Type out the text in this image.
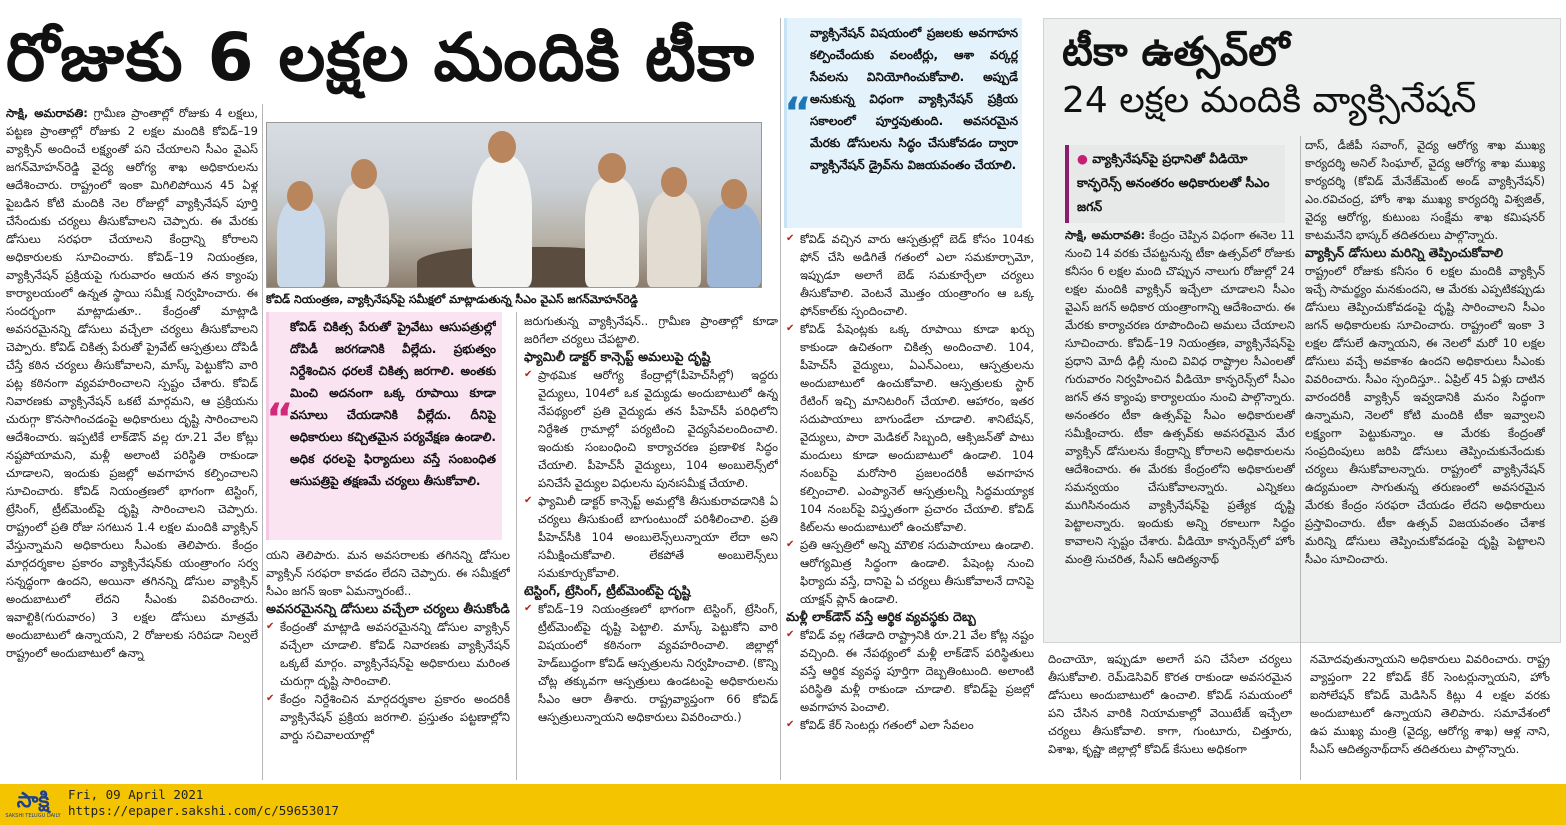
రోజుకు 6 లక్షల మందికి టీకా

సాక్షి, అమరావతి: గ్రామీణ ప్రాంతాల్లో రోజుకు 4 లక్షలు, పట్టణ ప్రాంతాల్లో రోజుకు 2 లక్షల మందికి కోవిడ్–19 వ్యాక్సిన్ అందించే లక్ష్యంతో పని చేయాలని సీఎం వైఎస్ జగన్‌మోహన్‌రెడ్డి వైద్య ఆరోగ్య శాఖ అధికారులను ఆదేశించారు. రాష్ట్రంలో ఇంకా మిగిలిపోయిన 45 ఏళ్ల పైబడిన కోటి మందికి నెల రోజుల్లో వ్యాక్సినేషన్ పూర్తి చేసేందుకు చర్యలు తీసుకోవాలని చెప్పారు. ఈ మేరకు డోసులు సరఫరా చేయాలని కేంద్రాన్ని కోరాలని అధికారులకు సూచించారు. కోవిడ్–19 నియంత్రణ, వ్యాక్సినేషన్ ప్రక్రియపై గురువారం ఆయన తన క్యాంపు కార్యాలయంలో ఉన్నత స్థాయి సమీక్ష నిర్వహించారు. ఈ సందర్భంగా మాట్లాడుతూ.. కేంద్రంతో మాట్లాడి అవసరమైనన్ని డోసులు వచ్చేలా చర్యలు తీసుకోవాలని చెప్పారు. కోవిడ్ చికిత్స పేరుతో ప్రైవేట్ ఆస్పత్రులు దోపిడీ చేస్తే కఠిన చర్యలు తీసుకోవాలని, మాస్క్ పెట్టుకోని వారి పట్ల కఠినంగా వ్యవహరించాలని స్పష్టం చేశారు. కోవిడ్ నివారణకు వ్యాక్సినేషన్ ఒకటే మార్గమని, ఆ ప్రక్రియను చురుగ్గా కొనసాగించడంపై అధికారులు దృష్టి సారించాలని ఆదేశించారు. ఇప్పటికే లాక్‌డౌన్ వల్ల రూ.21 వేల కోట్లు నష్టపోయామని, మళ్లీ అలాంటి పరిస్థితి రాకుండా చూడాలని, ఇందుకు ప్రజల్లో అవగాహన కల్పించాలని సూచించారు. కోవిడ్ నియంత్రణలో భాగంగా టెస్టింగ్, ట్రేసింగ్, ట్రీట్‌మెంట్‌పై దృష్టి సారించాలని చెప్పారు. రాష్ట్రంలో ప్రతి రోజు సగటున 1.4 లక్షల మందికి వ్యాక్సిన్ వేస్తున్నామని అధికారులు సీఎంకు తెలిపారు. కేంద్రం మార్గదర్శకాల ప్రకారం వ్యాక్సినేషన్‌కు యంత్రాంగం సర్వ సన్నద్ధంగా ఉందని, అయినా తగినన్ని డోసుల వ్యాక్సిన్ అందుబాటులో లేదని సీఎంకు వివరించారు. ఇవాల్టికి(గురువారం) 3 లక్షల డోసులు మాత్రమే అందుబాటులో ఉన్నాయని, 2 రోజులకు సరిపడా నిల్వలే రాష్ట్రంలో అందుబాటులో ఉన్నా

కోవిడ్ నియంత్రణ, వ్యాక్సినేషన్‌పై సమీక్షలో మాట్లాడుతున్న సీఎం వైఎస్ జగన్‌మోహన్‌రెడ్డి
“
కోవిడ్ చికిత్స పేరుతో ప్రైవేటు ఆసుపత్రుల్లో దోపిడీ జరగడానికి వీల్లేదు. ప్రభుత్వం నిర్దేశించిన ధరలకే చికిత్స జరగాలి. అంతకు మించి అదనంగా ఒక్క రూపాయి కూడా వసూలు చేయడానికి వీల్లేదు. దీనిపై అధికారులు కచ్చితమైన పర్యవేక్షణ ఉండాలి. అధిక ధరలపై ఫిర్యాదులు వస్తే సంబంధిత ఆసుపత్రిపై తక్షణమే చర్యలు తీసుకోవాలి.

యని తెలిపారు. మన అవసరాలకు తగినన్ని డోసుల వ్యాక్సిన్ సరఫరా కావడం లేదని చెప్పారు. ఈ సమీక్షలో సీఎం జగన్ ఇంకా ఏమన్నారంటే..

అవసరమైనన్ని డోసులు వచ్చేలా చర్యలు తీసుకోండి

✔ కేంద్రంతో మాట్లాడి అవసరమైనన్ని డోసుల వ్యాక్సిన్ వచ్చేలా చూడాలి. కోవిడ్ నివారణకు వ్యాక్సినేషన్ ఒక్కటే మార్గం. వ్యాక్సినేషన్‌పై అధికారులు మరింత చురుగ్గా దృష్టి సారించాలి.

✔ కేంద్రం నిర్దేశించిన మార్గదర్శకాల ప్రకారం అందరికీ వ్యాక్సినేషన్ ప్రక్రియ జరగాలి. ప్రస్తుతం పట్టణాల్లోని వార్డు సచివాలయాల్లో

జరుగుతున్న వ్యాక్సినేషన్.. గ్రామీణ ప్రాంతాల్లో కూడా జరిగేలా చర్యలు చేపట్టాలి.

ఫ్యామిలీ డాక్టర్ కాన్సెప్ట్ అమలుపై దృష్టి

✔ ప్రాథమిక ఆరోగ్య కేంద్రాల్లో(పీహెచ్‌సీల్లో) ఇద్దరు వైద్యులు, 104లో ఒక వైద్యుడు అందుబాటులో ఉన్న నేపథ్యంలో ప్రతి వైద్యుడు తన పీహెచ్‌సీ పరిధిలోని నిర్దేశిత గ్రామాల్లో పర్యటించి వైద్యసేవలందించాలి. ఇందుకు సంబంధించి కార్యాచరణ ప్రణాళిక సిద్ధం చేయాలి. పీహెచ్‌సీ వైద్యులు, 104 అంబులెన్స్‌లో పనిచేసే వైద్యుల విధులను పునఃసమీక్ష చేయాలి.

✔ ఫ్యామిలీ డాక్టర్ కాన్సెప్ట్ అమల్లోకి తీసుకురావడానికి ఏ చర్యలు తీసుకుంటే బాగుంటుందో పరిశీలించాలి. ప్రతి పీహెచ్‌సీకి 104 అంబులెన్స్‌లున్నాయా లేదా అని సమీక్షించుకోవాలి. లేకపోతే అంబులెన్స్‌లు సమకూర్చుకోవాలి.

టెస్టింగ్, ట్రేసింగ్, ట్రీట్‌మెంట్‌పై దృష్టి

✔ కోవిడ్–19 నియంత్రణలో భాగంగా టెస్టింగ్, ట్రేసింగ్, ట్రీట్‌మెంట్‌పై దృష్టి పెట్టాలి. మాస్క్ పెట్టుకోని వారి విషయంలో కఠినంగా వ్యవహరించాలి. జిల్లాల్లో హెడ్‌బుద్ధంగా కోవిడ్ ఆస్పత్రులను నిర్వహించాలి. (కొన్ని చోట్ల తక్కువగా ఆస్పత్రులు ఉండటంపై అధికారులను సీఎం ఆరా తీశారు. రాష్ట్రవ్యాప్తంగా 66 కోవిడ్ ఆస్పత్రులున్నాయని అధికారులు వివరించారు.)

“
వ్యాక్సినేషన్ విషయంలో ప్రజలకు అవగాహన కల్పించేందుకు వలంటీర్లు, ఆశా వర్కర్ల సేవలను వినియోగించుకోవాలి. అప్పుడే అనుకున్న విధంగా వ్యాక్సినేషన్ ప్రక్రియ సకాలంలో పూర్తవుతుంది. అవసరమైన మేరకు డోసులను సిద్ధం చేసుకోవడం ద్వారా వ్యాక్సినేషన్ డ్రైవ్‌ను విజయవంతం చేయాలి.

✔ కోవిడ్ వచ్చిన వారు ఆస్పత్రుల్లో బెడ్ కోసం 104కు ఫోన్ చేసి అడిగితే గతంలో ఎలా సమకూర్చామో, ఇప్పుడూ అలాగే బెడ్ సమకూర్చేలా చర్యలు తీసుకోవాలి. వెంటనే మొత్తం యంత్రాంగం ఆ ఒక్క ఫోన్‌కాల్‌కు స్పందించాలి.

✔ కోవిడ్ పేషెంట్లకు ఒక్క రూపాయి కూడా ఖర్చు కాకుండా ఉచితంగా చికిత్స అందించాలి. 104, పీహెచ్‌సీ వైద్యులు, ఏఎన్ఎంలు, ఆస్పత్రులను అందుబాటులో ఉంచుకోవాలి. ఆస్పత్రులకు స్టార్ రేటింగ్ ఇచ్చి మానిటరింగ్ చేయాలి. ఆహారం, ఇతర సదుపాయాలు బాగుండేలా చూడాలి. శానిటేషన్, వైద్యులు, పారా మెడికల్ సిబ్బంది, ఆక్సిజన్‌తో పాటు మందులు కూడా అందుబాటులో ఉండాలి. 104 నంబర్‌పై మరోసారి ప్రజలందరికీ అవగాహన కల్పించాలి. ఎంప్యానెల్ ఆస్పత్రులన్నీ సిద్ధమయ్యాక 104 నంబర్‌పై విస్తృతంగా ప్రచారం చేయాలి. కోవిడ్ కిట్‌లను అందుబాటులో ఉంచుకోవాలి.

✔ ప్రతి ఆస్పత్రిలో అన్ని మౌలిక సదుపాయాలు ఉండాలి. ఆరోగ్యమిత్ర సిద్ధంగా ఉండాలి. పేషెంట్ల నుంచి ఫిర్యాదు వస్తే, దానిపై ఏ చర్యలు తీసుకోవాలనే దానిపై యాక్షన్ ప్లాన్ ఉండాలి.

మళ్లీ లాక్‌డౌన్ వస్తే ఆర్థిక వ్యవస్థకు దెబ్బ

✔ కోవిడ్ వల్ల గతేడాది రాష్ట్రానికి రూ.21 వేల కోట్ల నష్టం వచ్చింది. ఈ నేపథ్యంలో మళ్లీ లాక్‌డౌన్ పరిస్థితులు వస్తే ఆర్థిక వ్యవస్థ పూర్తిగా దెబ్బతింటుంది. అలాంటి పరిస్థితి మళ్లీ రాకుండా చూడాలి. కోవిడ్‌పై ప్రజల్లో అవగాహన పెంచాలి.

✔ కోవిడ్ కేర్ సెంటర్లు గతంలో ఎలా సేవలం

టీకా ఉత్సవ్‌లో
24 లక్షల మందికి వ్యాక్సినేషన్
● వ్యాక్సినేషన్‌పై ప్రధానితో వీడియో కాన్ఫరెన్స్ అనంతరం అధికారులతో సీఎం జగన్

సాక్షి, అమరావతి: కేంద్రం చెప్పిన విధంగా ఈనెల 11 నుంచి 14 వరకు చేపట్టనున్న టీకా ఉత్సవ్‌లో రోజుకు కనీసం 6 లక్షల మంది చొప్పున నాలుగు రోజుల్లో 24 లక్షల మందికి వ్యాక్సిన్ ఇచ్చేలా చూడాలని సీఎం వైఎస్ జగన్ అధికార యంత్రాంగాన్ని ఆదేశించారు. ఈ మేరకు కార్యాచరణ రూపొందించి అమలు చేయాలని సూచించారు. కోవిడ్–19 నియంత్రణ, వ్యాక్సినేషన్‌పై ప్రధాని మోదీ ఢిల్లీ నుంచి వివిధ రాష్ట్రాల సీఎంలతో గురువారం నిర్వహించిన వీడియో కాన్ఫరెన్స్‌లో సీఎం జగన్ తన క్యాంపు కార్యాలయం నుంచి పాల్గొన్నారు. అనంతరం టీకా ఉత్సవ్‌పై సీఎం అధికారులతో సమీక్షించారు. టీకా ఉత్సవ్‌కు అవసరమైన మేర వ్యాక్సిన్ డోసులను కేంద్రాన్ని కోరాలని అధికారులను ఆదేశించారు. ఈ మేరకు కేంద్రంలోని అధికారులతో సమన్వయం చేసుకోవాలన్నారు. ఎన్నికలు ముగిసినందున వ్యాక్సినేషన్‌పై ప్రత్యేక దృష్టి పెట్టాలన్నారు. ఇందుకు అన్ని రకాలుగా సిద్ధం కావాలని స్పష్టం చేశారు. వీడియో కాన్ఫరెన్స్‌లో హోం మంత్రి సుచరిత, సీఎస్ ఆదిత్యనాథ్

దాస్, డీజీపీ సవాంగ్, వైద్య ఆరోగ్య శాఖ ముఖ్య కార్యదర్శి అనిల్ సింఘాల్, వైద్య ఆరోగ్య శాఖ ముఖ్య కార్యదర్శి (కోవిడ్ మేనేజ్‌మెంట్ అండ్ వ్యాక్సినేషన్) ఎం.రవిచంద్ర, హోం శాఖ ముఖ్య కార్యదర్శి విశ్వజిత్, వైద్య ఆరోగ్య, కుటుంబ సంక్షేమ శాఖ కమిషనర్ కాటమనేని భాస్కర్ తదితరులు పాల్గొన్నారు.

వ్యాక్సిన్ డోసులు మరిన్ని తెప్పించుకోవాలి

రాష్ట్రంలో రోజుకు కనీసం 6 లక్షల మందికి వ్యాక్సిన్ ఇచ్చే సామర్థ్యం మనకుందని, ఆ మేరకు ఎప్పటికప్పుడు డోసులు తెప్పించుకోవడంపై దృష్టి సారించాలని సీఎం జగన్ అధికారులకు సూచించారు. రాష్ట్రంలో ఇంకా 3 లక్షల డోసులే ఉన్నాయని, ఈ నెలలో మరో 10 లక్షల డోసులు వచ్చే అవకాశం ఉందని అధికారులు సీఎంకు వివరించారు. సీఎం స్పందిస్తూ.. ఏప్రిల్ 45 ఏళ్లు దాటిన వారందరికీ వ్యాక్సిన్ ఇవ్వడానికి మనం సిద్ధంగా ఉన్నామని, నెలలో కోటి మందికి టీకా ఇవ్వాలని లక్ష్యంగా పెట్టుకున్నాం. ఆ మేరకు కేంద్రంతో సంప్రదింపులు జరిపి డోసులు తెప్పించుకునేందుకు చర్యలు తీసుకోవాలన్నారు. రాష్ట్రంలో వ్యాక్సినేషన్ ఉద్యమంలా సాగుతున్న తరుణంలో అవసరమైన మేరకు కేంద్రం సరఫరా చేయడం లేదని అధికారులు ప్రస్తావించారు. టీకా ఉత్సవ్ విజయవంతం చేశాక మరిన్ని డోసులు తెప్పించుకోవడంపై దృష్టి పెట్టాలని సీఎం సూచించారు.

దించాయో, ఇప్పుడూ అలాగే పని చేసేలా చర్యలు తీసుకోవాలి. రెమ్‌డెసివిర్ కొరత రాకుండా అవసరమైన డోసులు అందుబాటులో ఉంచాలి. కోవిడ్ సమయంలో పని చేసిన వారికి నియామకాల్లో వెయిటేజ్ ఇచ్చేలా చర్యలు తీసుకోవాలి. కాగా, గుంటూరు, చిత్తూరు, విశాఖ, కృష్ణా జిల్లాల్లో కోవిడ్ కేసులు అధికంగా

నమోదవుతున్నాయని అధికారులు వివరించారు. రాష్ట్ర వ్యాప్తంగా 22 కోవిడ్ కేర్ సెంటర్లున్నాయని, హోం ఐసోలేషన్ కోవిడ్ మెడిసిన్ కిట్లు 4 లక్షల వరకు అందుబాటులో ఉన్నాయని తెలిపారు. సమావేశంలో ఉప ముఖ్య మంత్రి (వైద్య, ఆరోగ్య శాఖ) ఆళ్ల నాని, సీఎస్ ఆదిత్యనాథ్‌దాస్ తదితరులు పాల్గొన్నారు.

సాక్షి
SAKSHI TELUGU DAILY
Fri, 09 April 2021
https://epaper.sakshi.com/c/59653017
